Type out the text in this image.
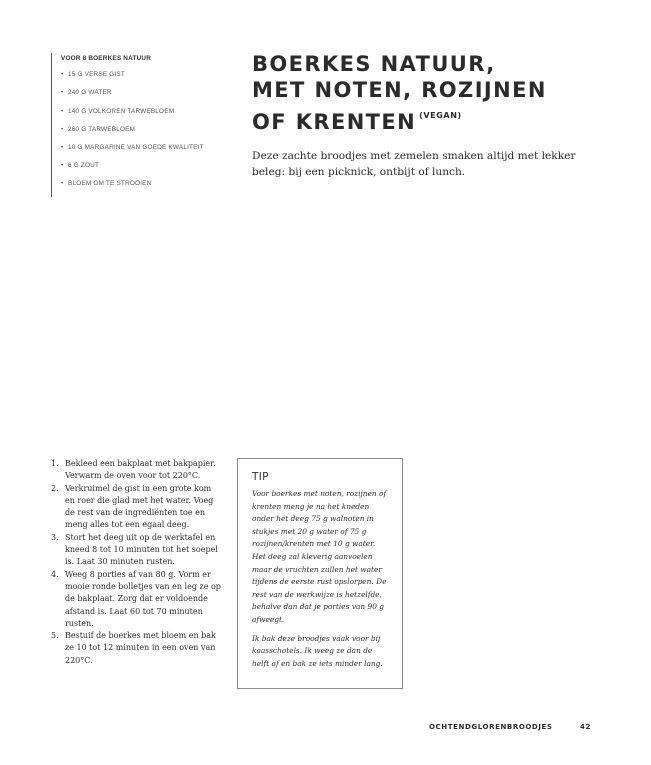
VOOR 8 BOERKES NATUUR
• 15 G VERSE GIST
• 240 G WATER
• 140 G VOLKOREN TARWEBLOEM
• 260 G TARWEBLOEM
• 10 G MARGARINE VAN GOEDE KWALITEIT
• 6 G ZOUT
• BLOEM OM TE STROOIEN
BOERKES NATUUR,
MET NOTEN, ROZIJNEN
OF KRENTEN $^{(VEGAN)}$

Deze zachte broodjes met zemelen smaken altijd met lekker beleg: bij een picknick, ontbijt of lunch.

1. Bekleed een bakplaat met bakpapier. Verwarm de oven voor tot 220°C.
2. Verkruimel de gist in een grote kom en roer die glad met het water. Voeg de rest van de ingrediënten toe en meng alles tot een egaal deeg.
3. Stort het deeg uit op de werktafel en kneed 8 tot 10 minuten tot het soepel is. Laat 30 minuten rusten.
4. Weeg 8 porties af van 80 g. Vorm er mooie ronde bolletjes van en leg ze op de bakplaat. Zorg dat er voldoende afstand is. Laat 60 tot 70 minuten rusten.
5. Bestuif de boerkes met bloem en bak ze 10 tot 12 minuten in een oven van 220°C.
TIP

Voor boerkes met noten, rozijnen of krenten meng je na het kneden onder het deeg 75 g walnoten in stukjes met 20 g water of 75 g rozijnen/krenten met 10 g water. Het deeg zal kleverig aanvoelen maar de vruchten zullen het water tijdens de eerste rust opslorpen. De rest van de werkwijze is hetzelfde, behalve dan dat je porties van 90 g afweegt.

Ik bak deze broodjes vaak voor bij kaasschotels. Ik weeg ze dan de helft af en bak ze iets minder lang.

OCHTENDGLORENBROODJES	42
